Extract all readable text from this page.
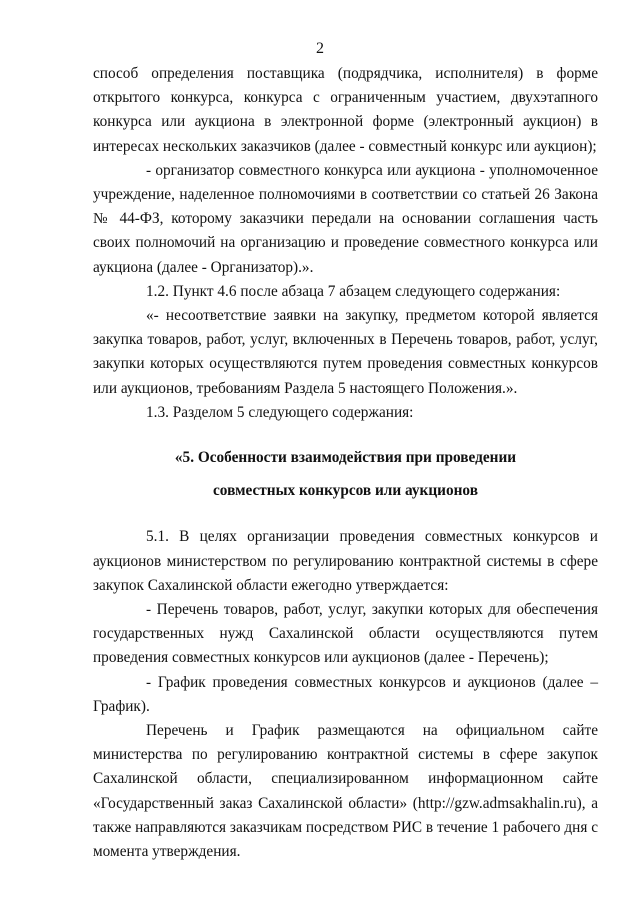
2

способ определения поставщика (подрядчика, исполнителя) в форме открытого конкурса, конкурса с ограниченным участием, двухэтапного конкурса или аукциона в электронной форме (электронный аукцион) в интересах нескольких заказчиков (далее - совместный конкурс или аукцион);

- организатор совместного конкурса или аукциона - уполномоченное учреждение, наделенное полномочиями в соответствии со статьей 26 Закона № 44-ФЗ, которому заказчики передали на основании соглашения часть своих полномочий на организацию и проведение совместного конкурса или аукциона (далее - Организатор).».

1.2. Пункт 4.6 после абзаца 7 абзацем следующего содержания:

«- несоответствие заявки на закупку, предметом которой является закупка товаров, работ, услуг, включенных в Перечень товаров, работ, услуг, закупки которых осуществляются путем проведения совместных конкурсов или аукционов, требованиям Раздела 5 настоящего Положения.».

1.3. Разделом 5 следующего содержания:

«5. Особенности взаимодействия при проведении

совместных конкурсов или аукционов

5.1. В целях организации проведения совместных конкурсов и аукционов министерством по регулированию контрактной системы в сфере закупок Сахалинской области ежегодно утверждается:

- Перечень товаров, работ, услуг, закупки которых для обеспечения государственных нужд Сахалинской области осуществляются путем проведения совместных конкурсов или аукционов (далее - Перечень);

- График проведения совместных конкурсов и аукционов (далее – График).

Перечень и График размещаются на официальном сайте министерства по регулированию контрактной системы в сфере закупок Сахалинской области, специализированном информационном сайте «Государственный заказ Сахалинской области» (http://gzw.admsakhalin.ru), а также направляются заказчикам посредством РИС в течение 1 рабочего дня с момента утверждения.
